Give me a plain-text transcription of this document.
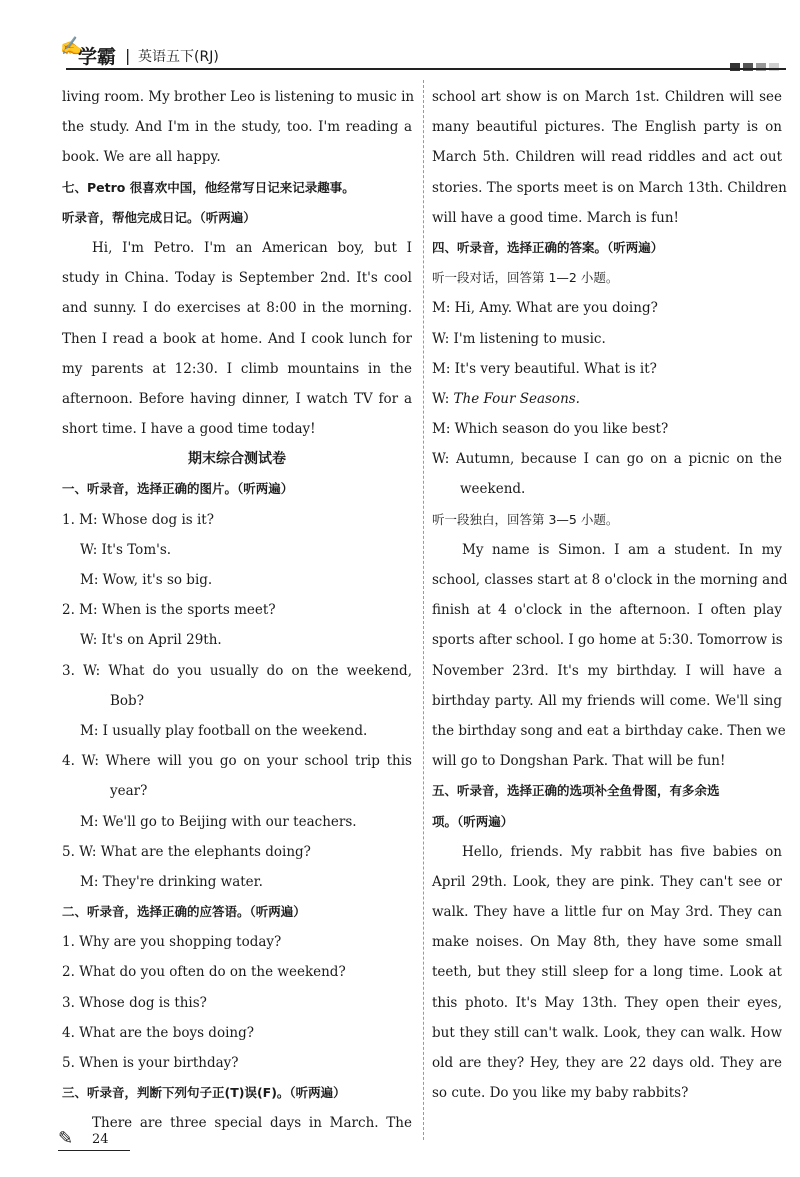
✍
学霸 | 英语五下(RJ)
living room. My brother Leo is listening to music in
the study. And I'm in the study, too. I'm reading a
book. We are all happy.
七、Petro 很喜欢中国，他经常写日记来记录趣事。
听录音，帮他完成日记。（听两遍）
Hi, I'm Petro. I'm an American boy, but I
study in China. Today is September 2nd. It's cool
and sunny. I do exercises at 8:00 in the morning.
Then I read a book at home. And I cook lunch for
my parents at 12:30. I climb mountains in the
afternoon. Before having dinner, I watch TV for a
short time. I have a good time today!
期末综合测试卷
一、听录音，选择正确的图片。（听两遍）
1. M: Whose dog is it?
W: It's Tom's.
M: Wow, it's so big.
2. M: When is the sports meet?
W: It's on April 29th.
3. W: What do you usually do on the weekend,
Bob?
M: I usually play football on the weekend.
4. W: Where will you go on your school trip this
year?
M: We'll go to Beijing with our teachers.
5. W: What are the elephants doing?
M: They're drinking water.
二、听录音，选择正确的应答语。（听两遍）
1. Why are you shopping today?
2. What do you often do on the weekend?
3. Whose dog is this?
4. What are the boys doing?
5. When is your birthday?
三、听录音，判断下列句子正(T)误(F)。（听两遍）
There are three special days in March. The
school art show is on March 1st. Children will see
many beautiful pictures. The English party is on
March 5th. Children will read riddles and act out
stories. The sports meet is on March 13th. Children
will have a good time. March is fun!
四、听录音，选择正确的答案。（听两遍）
听一段对话，回答第 1—2 小题。
M: Hi, Amy. What are you doing?
W: I'm listening to music.
M: It's very beautiful. What is it?
W: The Four Seasons.
M: Which season do you like best?
W: Autumn, because I can go on a picnic on the
weekend.
听一段独白，回答第 3—5 小题。
My name is Simon. I am a student. In my
school, classes start at 8 o'clock in the morning and
finish at 4 o'clock in the afternoon. I often play
sports after school. I go home at 5:30. Tomorrow is
November 23rd. It's my birthday. I will have a
birthday party. All my friends will come. We'll sing
the birthday song and eat a birthday cake. Then we
will go to Dongshan Park. That will be fun!
五、听录音，选择正确的选项补全鱼骨图，有多余选
项。（听两遍）
Hello, friends. My rabbit has five babies on
April 29th. Look, they are pink. They can't see or
walk. They have a little fur on May 3rd. They can
make noises. On May 8th, they have some small
teeth, but they still sleep for a long time. Look at
this photo. It's May 13th. They open their eyes,
but they still can't walk. Look, they can walk. How
old are they? Hey, they are 22 days old. They are
so cute. Do you like my baby rabbits?
✎ 24
